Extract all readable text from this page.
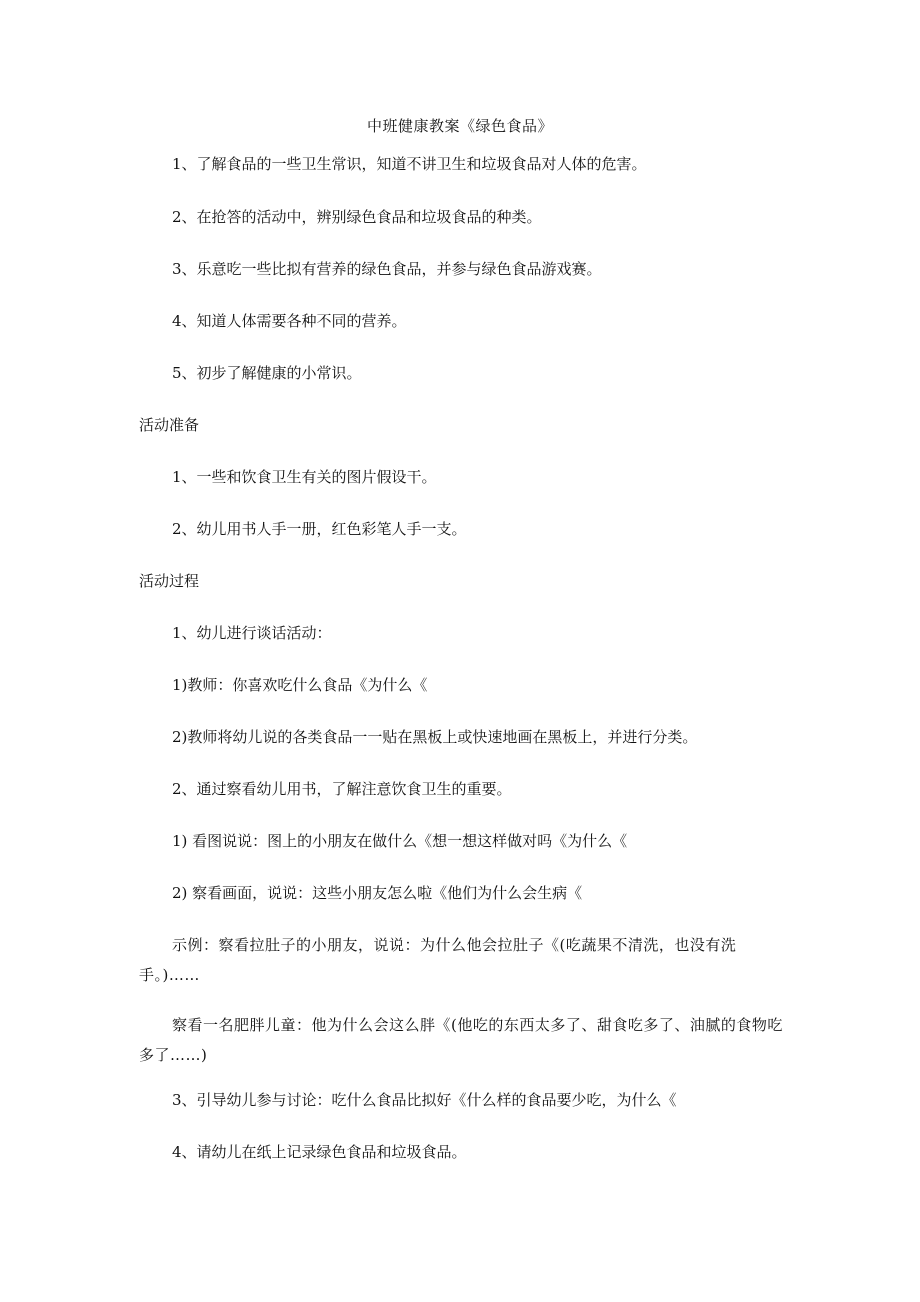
中班健康教案《绿色食品》
1、了解食品的一些卫生常识，知道不讲卫生和垃圾食品对人体的危害。
2、在抢答的活动中，辨别绿色食品和垃圾食品的种类。
3、乐意吃一些比拟有营养的绿色食品，并参与绿色食品游戏赛。
4、知道人体需要各种不同的营养。
5、初步了解健康的小常识。
活动准备
1、一些和饮食卫生有关的图片假设干。
2、幼儿用书人手一册，红色彩笔人手一支。
活动过程
1、幼儿进行谈话活动：
1)教师：你喜欢吃什么食品《为什么《
2)教师将幼儿说的各类食品一一贴在黑板上或快速地画在黑板上，并进行分类。
2、通过察看幼儿用书，了解注意饮食卫生的重要。
1) 看图说说：图上的小朋友在做什么《想一想这样做对吗《为什么《
2) 察看画面，说说：这些小朋友怎么啦《他们为什么会生病《
示例：察看拉肚子的小朋友，说说：为什么他会拉肚子《(吃蔬果不清洗，也没有洗手。)……
察看一名肥胖儿童：他为什么会这么胖《(他吃的东西太多了、甜食吃多了、油腻的食物吃多了……)
3、引导幼儿参与讨论：吃什么食品比拟好《什么样的食品要少吃，为什么《
4、请幼儿在纸上记录绿色食品和垃圾食品。
